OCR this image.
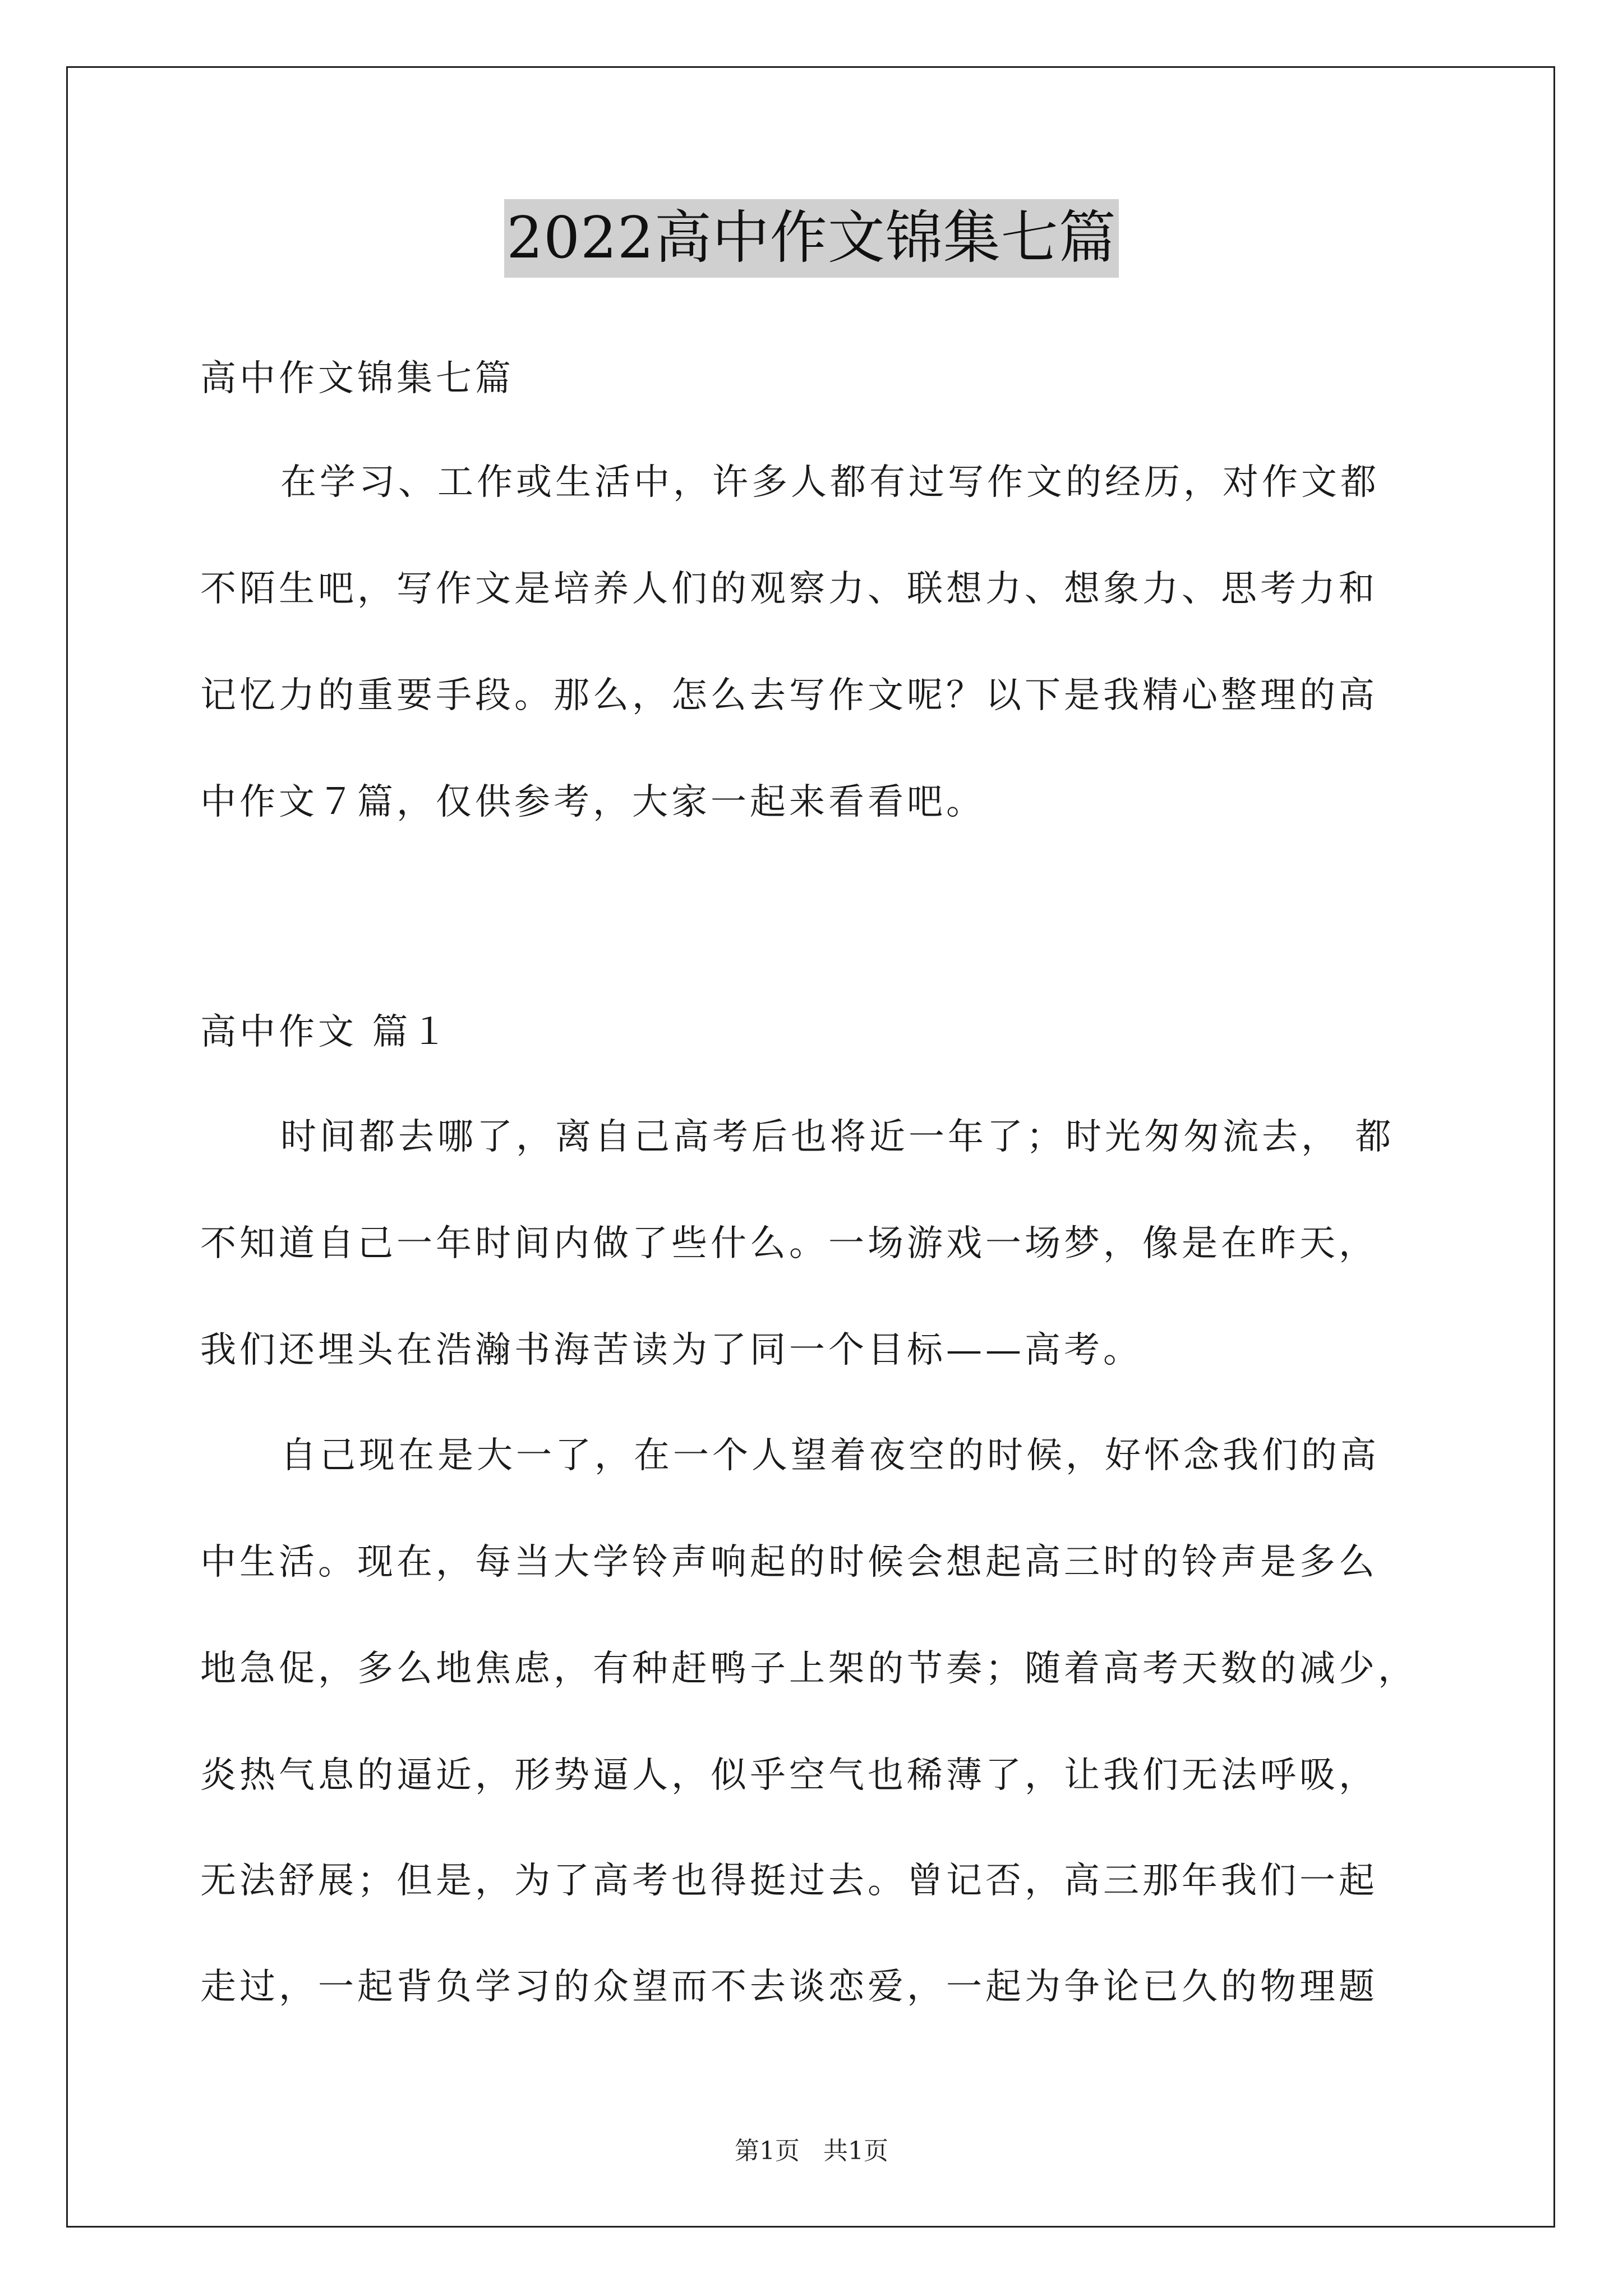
2022高中作文锦集七篇
高中作文锦集七篇
在学习、工作或生活中，许多人都有过写作文的经历，对作文都
不陌生吧，写作文是培养人们的观察力、联想力、想象力、思考力和
记忆力的重要手段。那么，怎么去写作文呢？以下是我精心整理的高
中作文７篇，仅供参考，大家一起来看看吧。
高中作文 篇１
时间都去哪了，离自己高考后也将近一年了；时光匆匆流去， 都
不知道自己一年时间内做了些什么。一场游戏一场梦，像是在昨天，
我们还埋头在浩瀚书海苦读为了同一个目标——高考。
自己现在是大一了，在一个人望着夜空的时候，好怀念我们的高
中生活。现在，每当大学铃声响起的时候会想起高三时的铃声是多么
地急促，多么地焦虑，有种赶鸭子上架的节奏；随着高考天数的减少，
炎热气息的逼近，形势逼人，似乎空气也稀薄了，让我们无法呼吸，
无法舒展；但是，为了高考也得挺过去。曾记否，高三那年我们一起
走过，一起背负学习的众望而不去谈恋爱，一起为争论已久的物理题
第1页   共1页
